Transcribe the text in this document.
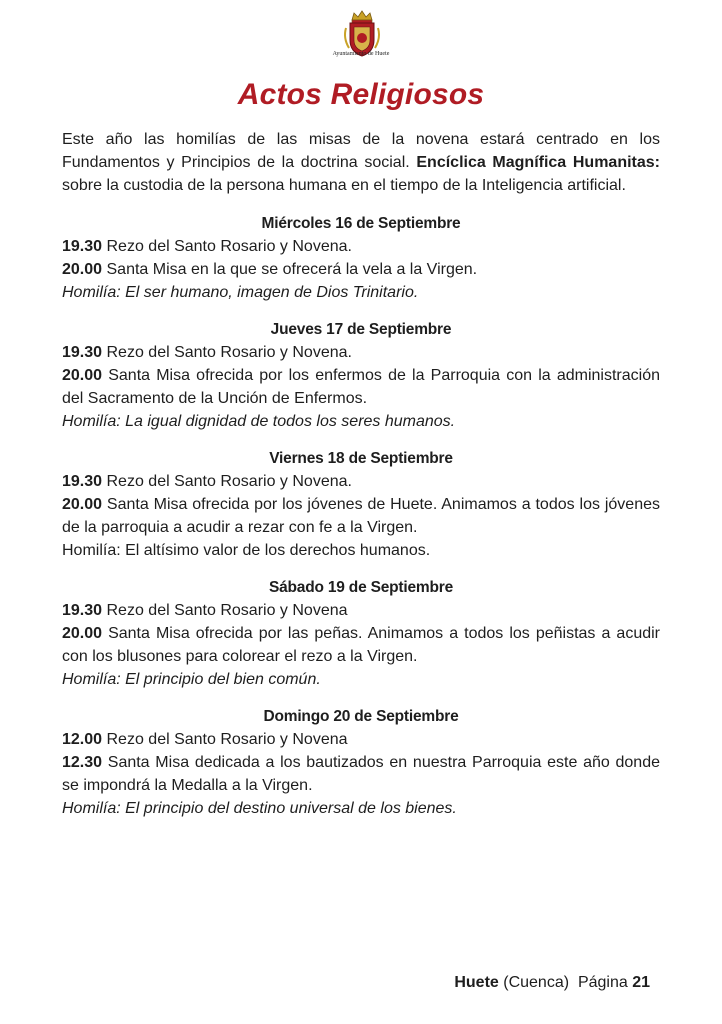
Ayuntamiento de Huete
Actos Religiosos

Este año las homilías de las misas de la novena estará centrado en los Fundamentos y Principios de la doctrina social. Encíclica Magnífica Humanitas: sobre la custodia de la persona humana en el tiempo de la Inteligencia artificial.

Miércoles 16 de Septiembre

19.30 Rezo del Santo Rosario y Novena.

20.00 Santa Misa en la que se ofrecerá la vela a la Virgen.

Homilía: El ser humano, imagen de Dios Trinitario.

Jueves 17 de Septiembre

19.30 Rezo del Santo Rosario y Novena.

20.00 Santa Misa ofrecida por los enfermos de la Parroquia con la administración del Sacramento de la Unción de Enfermos.

Homilía: La igual dignidad de todos los seres humanos.

Viernes 18 de Septiembre

19.30 Rezo del Santo Rosario y Novena.

20.00 Santa Misa ofrecida por los jóvenes de Huete. Animamos a todos los jóvenes de la parroquia a acudir a rezar con fe a la Virgen.

Homilía: El altísimo valor de los derechos humanos.

Sábado 19 de Septiembre

19.30 Rezo del Santo Rosario y Novena

20.00 Santa Misa ofrecida por las peñas. Animamos a todos los peñistas a acudir con los blusones para colorear el rezo a la Virgen.

Homilía: El principio del bien común.

Domingo 20 de Septiembre

12.00 Rezo del Santo Rosario y Novena

12.30 Santa Misa dedicada a los bautizados en nuestra Parroquia este año donde se impondrá la Medalla a la Virgen.

Homilía: El principio del destino universal de los bienes.

Huete (Cuenca)  Página 21
